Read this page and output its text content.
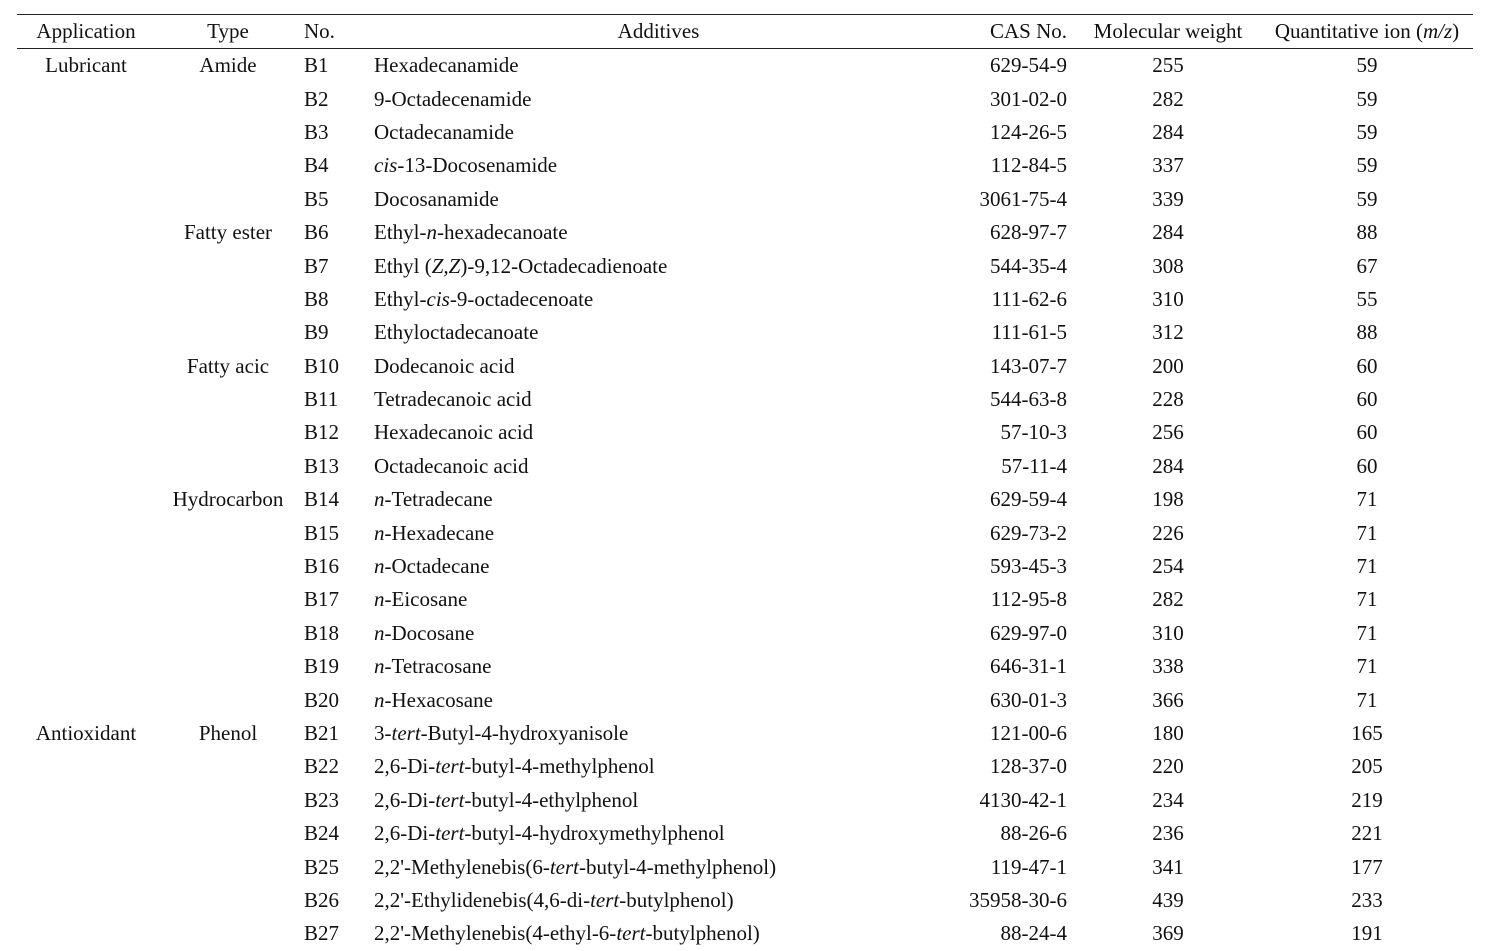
Application	Type	No.	Additives	CAS No.	Molecular weight	Quantitative ion (m/z)
Lubricant	Amide	B1	Hexadecanamide	629-54-9	255	59
		B2	9-Octadecenamide	301-02-0	282	59
		B3	Octadecanamide	124-26-5	284	59
		B4	cis-13-Docosenamide	112-84-5	337	59
		B5	Docosanamide	3061-75-4	339	59
	Fatty ester	B6	Ethyl-n-hexadecanoate	628-97-7	284	88
		B7	Ethyl (Z,Z)-9,12-Octadecadienoate	544-35-4	308	67
		B8	Ethyl-cis-9-octadecenoate	111-62-6	310	55
		B9	Ethyloctadecanoate	111-61-5	312	88
	Fatty acic	B10	Dodecanoic acid	143-07-7	200	60
		B11	Tetradecanoic acid	544-63-8	228	60
		B12	Hexadecanoic acid	57-10-3	256	60
		B13	Octadecanoic acid	57-11-4	284	60
	Hydrocarbon	B14	n-Tetradecane	629-59-4	198	71
		B15	n-Hexadecane	629-73-2	226	71
		B16	n-Octadecane	593-45-3	254	71
		B17	n-Eicosane	112-95-8	282	71
		B18	n-Docosane	629-97-0	310	71
		B19	n-Tetracosane	646-31-1	338	71
		B20	n-Hexacosane	630-01-3	366	71
Antioxidant	Phenol	B21	3-tert-Butyl-4-hydroxyanisole	121-00-6	180	165
		B22	2,6-Di-tert-butyl-4-methylphenol	128-37-0	220	205
		B23	2,6-Di-tert-butyl-4-ethylphenol	4130-42-1	234	219
		B24	2,6-Di-tert-butyl-4-hydroxymethylphenol	88-26-6	236	221
		B25	2,2'-Methylenebis(6-tert-butyl-4-methylphenol)	119-47-1	341	177
		B26	2,2'-Ethylidenebis(4,6-di-tert-butylphenol)	35958-30-6	439	233
		B27	2,2'-Methylenebis(4-ethyl-6-tert-butylphenol)	88-24-4	369	191
